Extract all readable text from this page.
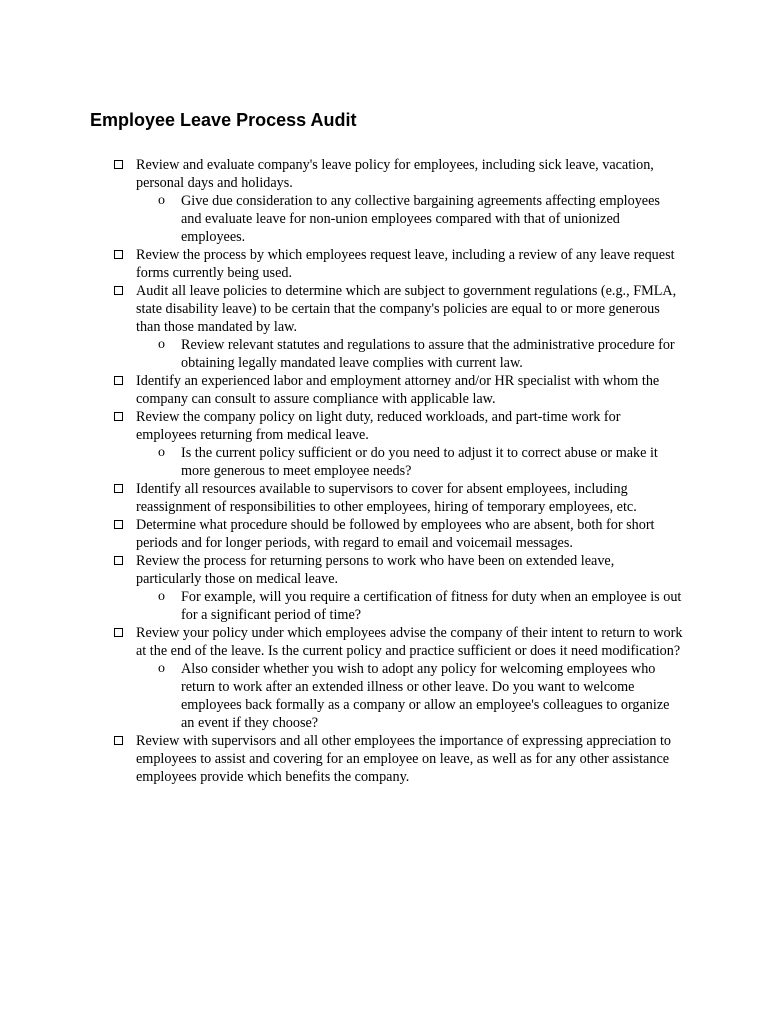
Employee Leave Process Audit
Review and evaluate company's leave policy for employees, including sick leave, vacation, personal days and holidays.
o Give due consideration to any collective bargaining agreements affecting employees and evaluate leave for non-union employees compared with that of unionized employees.
Review the process by which employees request leave, including a review of any leave request forms currently being used.
Audit all leave policies to determine which are subject to government regulations (e.g., FMLA, state disability leave) to be certain that the company's policies are equal to or more generous than those mandated by law.
o Review relevant statutes and regulations to assure that the administrative procedure for obtaining legally mandated leave complies with current law.
Identify an experienced labor and employment attorney and/or HR specialist with whom the company can consult to assure compliance with applicable law.
Review the company policy on light duty, reduced workloads, and part-time work for employees returning from medical leave.
o Is the current policy sufficient or do you need to adjust it to correct abuse or make it more generous to meet employee needs?
Identify all resources available to supervisors to cover for absent employees, including reassignment of responsibilities to other employees, hiring of temporary employees, etc.
Determine what procedure should be followed by employees who are absent, both for short periods and for longer periods, with regard to email and voicemail messages.
Review the process for returning persons to work who have been on extended leave, particularly those on medical leave.
o For example, will you require a certification of fitness for duty when an employee is out for a significant period of time?
Review your policy under which employees advise the company of their intent to return to work at the end of the leave. Is the current policy and practice sufficient or does it need modification?
o Also consider whether you wish to adopt any policy for welcoming employees who return to work after an extended illness or other leave. Do you want to welcome employees back formally as a company or allow an employee's colleagues to organize an event if they choose?
Review with supervisors and all other employees the importance of expressing appreciation to employees to assist and covering for an employee on leave, as well as for any other assistance employees provide which benefits the company.
